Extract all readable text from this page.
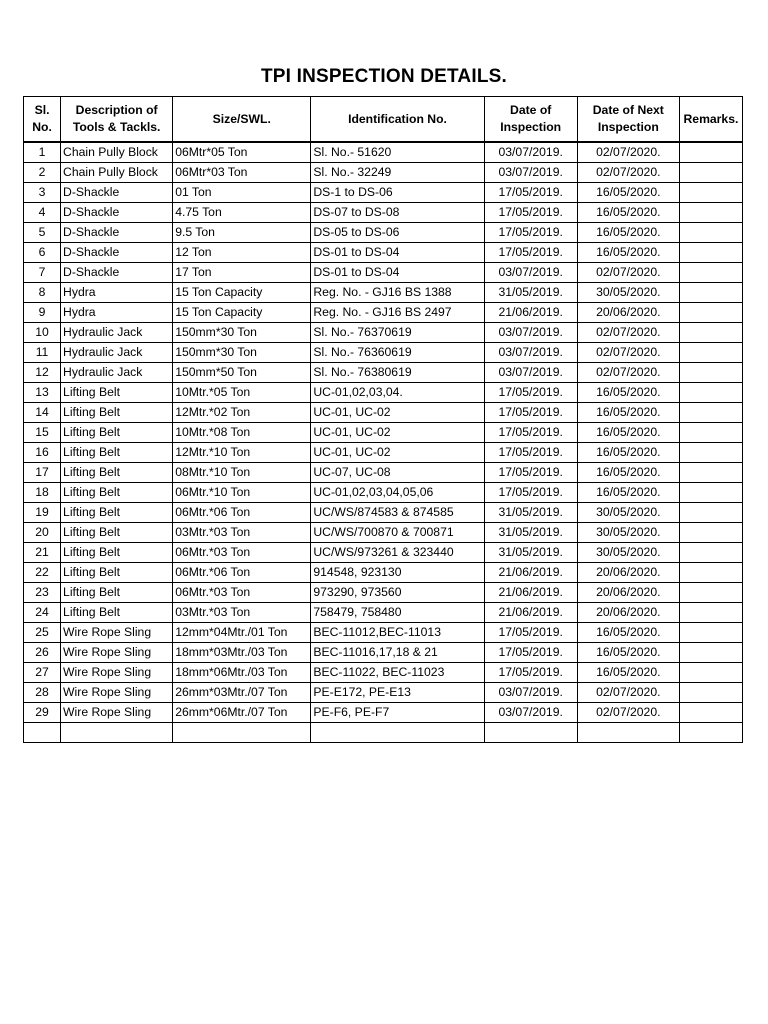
TPI INSPECTION DETAILS.
Sl. No.	Description of Tools & Tackls.	Size/SWL.	Identification No.	Date of Inspection	Date of Next Inspection	Remarks.
1	Chain Pully Block	06Mtr*05 Ton	Sl. No.- 51620	03/07/2019.	02/07/2020.	
2	Chain Pully Block	06Mtr*03 Ton	Sl. No.- 32249	03/07/2019.	02/07/2020.	
3	D-Shackle	01 Ton	DS-1 to DS-06	17/05/2019.	16/05/2020.	
4	D-Shackle	4.75 Ton	DS-07 to DS-08	17/05/2019.	16/05/2020.	
5	D-Shackle	9.5 Ton	DS-05 to DS-06	17/05/2019.	16/05/2020.	
6	D-Shackle	12 Ton	DS-01 to DS-04	17/05/2019.	16/05/2020.	
7	D-Shackle	17 Ton	DS-01 to DS-04	03/07/2019.	02/07/2020.	
8	Hydra	15 Ton Capacity	Reg. No. - GJ16 BS 1388	31/05/2019.	30/05/2020.	
9	Hydra	15 Ton Capacity	Reg. No. - GJ16 BS 2497	21/06/2019.	20/06/2020.	
10	Hydraulic Jack	150mm*30 Ton	Sl. No.- 76370619	03/07/2019.	02/07/2020.	
11	Hydraulic Jack	150mm*30 Ton	Sl. No.- 76360619	03/07/2019.	02/07/2020.	
12	Hydraulic Jack	150mm*50 Ton	Sl. No.- 76380619	03/07/2019.	02/07/2020.	
13	Lifting Belt	10Mtr.*05 Ton	UC-01,02,03,04.	17/05/2019.	16/05/2020.	
14	Lifting Belt	12Mtr.*02 Ton	UC-01, UC-02	17/05/2019.	16/05/2020.	
15	Lifting Belt	10Mtr.*08 Ton	UC-01, UC-02	17/05/2019.	16/05/2020.	
16	Lifting Belt	12Mtr.*10 Ton	UC-01, UC-02	17/05/2019.	16/05/2020.	
17	Lifting Belt	08Mtr.*10 Ton	UC-07, UC-08	17/05/2019.	16/05/2020.	
18	Lifting Belt	06Mtr.*10 Ton	UC-01,02,03,04,05,06	17/05/2019.	16/05/2020.	
19	Lifting Belt	06Mtr.*06 Ton	UC/WS/874583 & 874585	31/05/2019.	30/05/2020.	
20	Lifting Belt	03Mtr.*03 Ton	UC/WS/700870 & 700871	31/05/2019.	30/05/2020.	
21	Lifting Belt	06Mtr.*03 Ton	UC/WS/973261 & 323440	31/05/2019.	30/05/2020.	
22	Lifting Belt	06Mtr.*06 Ton	914548, 923130	21/06/2019.	20/06/2020.	
23	Lifting Belt	06Mtr.*03 Ton	973290, 973560	21/06/2019.	20/06/2020.	
24	Lifting Belt	03Mtr.*03 Ton	758479, 758480	21/06/2019.	20/06/2020.	
25	Wire Rope Sling	12mm*04Mtr./01 Ton	BEC-11012,BEC-11013	17/05/2019.	16/05/2020.	
26	Wire Rope Sling	18mm*03Mtr./03 Ton	BEC-11016,17,18 & 21	17/05/2019.	16/05/2020.	
27	Wire Rope Sling	18mm*06Mtr./03 Ton	BEC-11022, BEC-11023	17/05/2019.	16/05/2020.	
28	Wire Rope Sling	26mm*03Mtr./07 Ton	PE-E172, PE-E13	03/07/2019.	02/07/2020.	
29	Wire Rope Sling	26mm*06Mtr./07 Ton	PE-F6, PE-F7	03/07/2019.	02/07/2020.	
